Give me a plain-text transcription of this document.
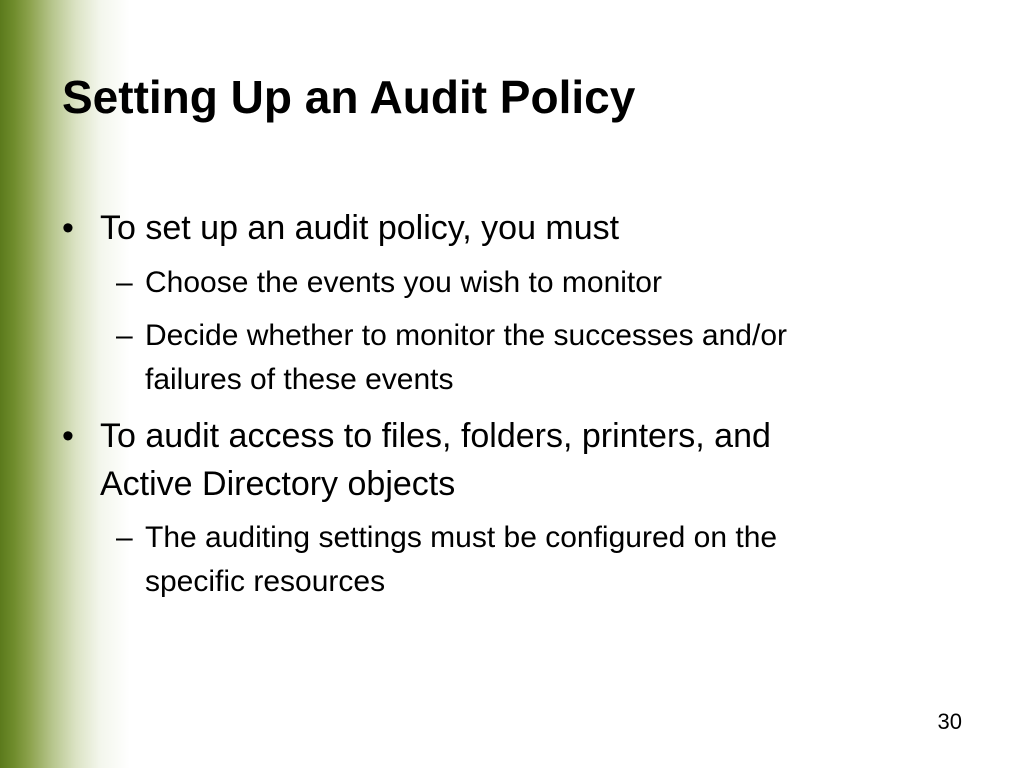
Setting Up an Audit Policy
• To set up an audit policy, you must
– Choose the events you wish to monitor
– Decide whether to monitor the successes and/or
failures of these events
• To audit access to files, folders, printers, and
Active Directory objects
– The auditing settings must be configured on the
specific resources
30
